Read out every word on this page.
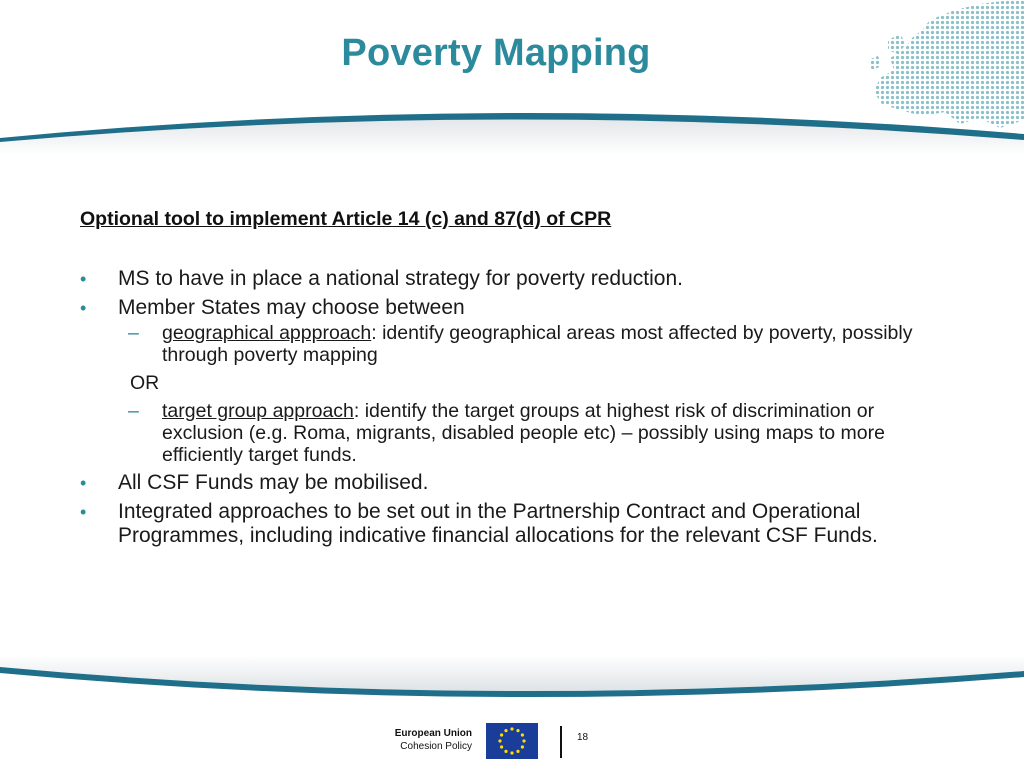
Poverty Mapping
Optional tool to implement Article 14 (c) and 87(d) of CPR
• MS to have in place a national strategy for poverty reduction.
• Member States may choose between
– geographical appproach: identify geographical areas most affected by poverty, possibly through poverty mapping
OR
– target group approach: identify the target groups at highest risk of discrimination or exclusion (e.g. Roma, migrants, disabled people etc) – possibly using maps to more efficiently target funds.
• All CSF Funds may be mobilised.
• Integrated approaches to be set out in the Partnership Contract and Operational Programmes, including indicative financial allocations for the relevant CSF Funds.
European Union
Cohesion Policy
18
